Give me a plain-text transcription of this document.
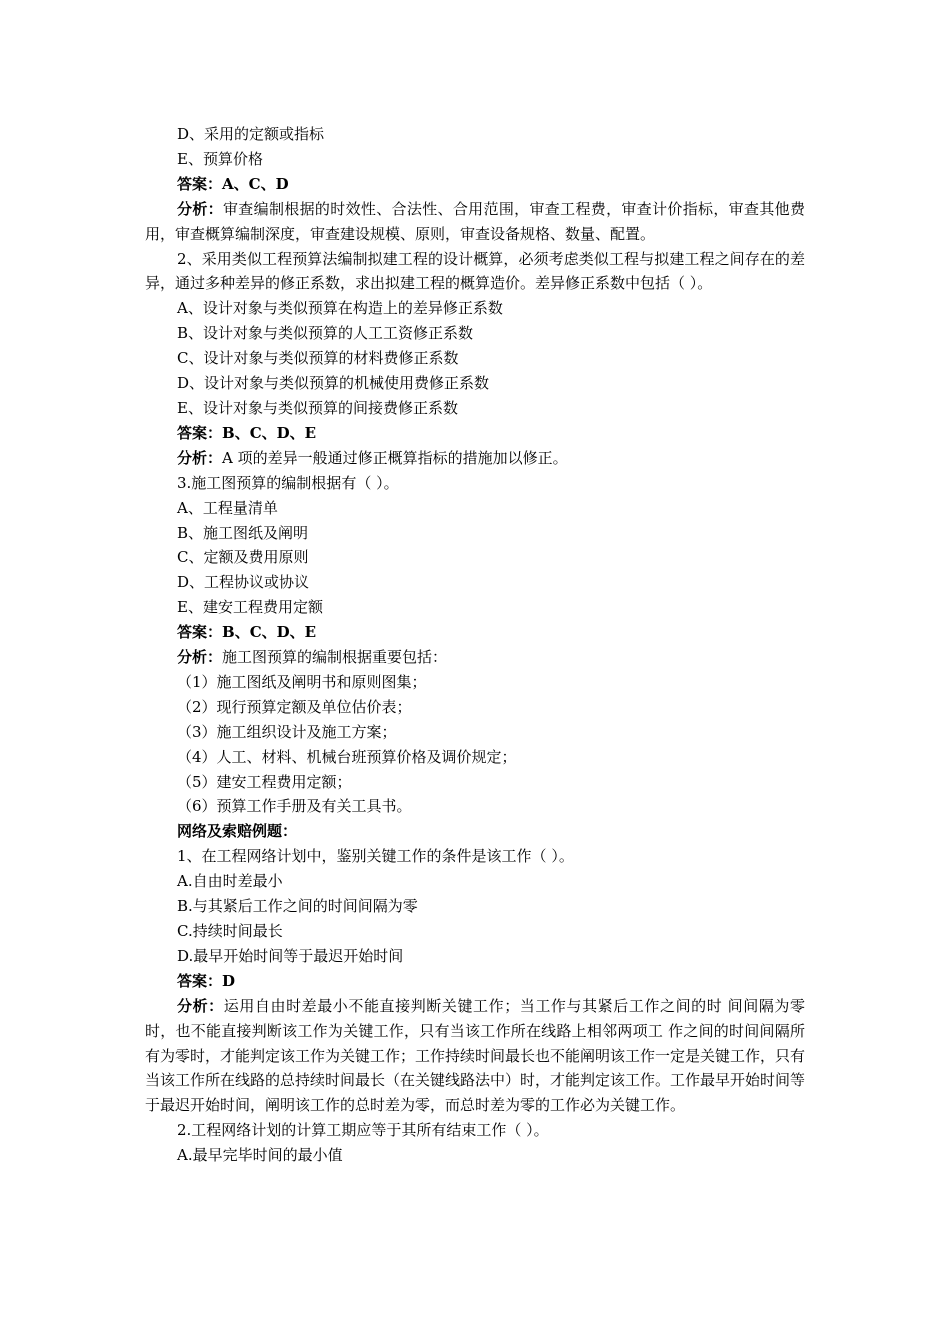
D、采用的定额或指标
E、预算价格
答案：A、C、D
分析：审查编制根据的时效性、合法性、合用范围，审查工程费，审查计价指标，审查其他费用，审查概算编制深度，审查建设规模、原则，审查设备规格、数量、配置。
2、采用类似工程预算法编制拟建工程的设计概算，必须考虑类似工程与拟建工程之间存在的差异，通过多种差异的修正系数，求出拟建工程的概算造价。差异修正系数中包括（ ）。
A、设计对象与类似预算在构造上的差异修正系数
B、设计对象与类似预算的人工工资修正系数
C、设计对象与类似预算的材料费修正系数
D、设计对象与类似预算的机械使用费修正系数
E、设计对象与类似预算的间接费修正系数
答案：B、C、D、E
分析：A 项的差异一般通过修正概算指标的措施加以修正。
3.施工图预算的编制根据有（ ）。
A、工程量清单
B、施工图纸及阐明
C、定额及费用原则
D、工程协议或协议
E、建安工程费用定额
答案：B、C、D、E
分析：施工图预算的编制根据重要包括：
（1）施工图纸及阐明书和原则图集；
（2）现行预算定额及单位估价表；
（3）施工组织设计及施工方案；
（4）人工、材料、机械台班预算价格及调价规定；
（5）建安工程费用定额；
（6）预算工作手册及有关工具书。
网络及索赔例题：
1、在工程网络计划中，鉴别关键工作的条件是该工作（ ）。
A.自由时差最小
B.与其紧后工作之间的时间间隔为零
C.持续时间最长
D.最早开始时间等于最迟开始时间
答案：D
分析：运用自由时差最小不能直接判断关键工作；当工作与其紧后工作之间的时 间间隔为零时，也不能直接判断该工作为关键工作，只有当该工作所在线路上相邻两项工 作之间的时间间隔所有为零时，才能判定该工作为关键工作；工作持续时间最长也不能阐明该工作一定是关键工作，只有当该工作所在线路的总持续时间最长（在关键线路法中）时，才能判定该工作。工作最早开始时间等于最迟开始时间，阐明该工作的总时差为零，而总时差为零的工作必为关键工作。
2.工程网络计划的计算工期应等于其所有结束工作（ ）。
A.最早完毕时间的最小值
